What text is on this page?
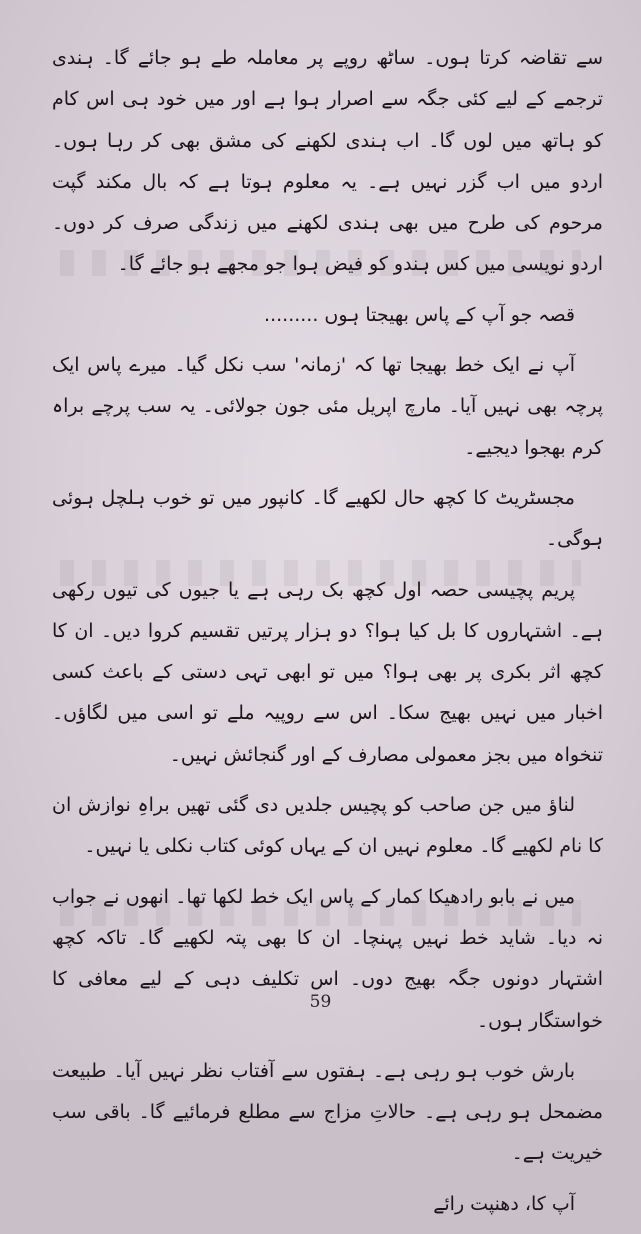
سے تقاضہ کرتا ہوں۔ ساٹھ روپے پر معاملہ طے ہو جائے گا۔ ہندی ترجمے کے لیے کئی جگہ سے اصرار ہوا ہے اور میں خود ہی اس کام کو ہاتھ میں لوں گا۔ اب ہندی لکھنے کی مشق بھی کر رہا ہوں۔ اردو میں اب گزر نہیں ہے۔ یہ معلوم ہوتا ہے کہ بال مکند گپت مرحوم کی طرح میں بھی ہندی لکھنے میں زندگی صرف کر دوں۔ اردو نویسی میں کس ہندو کو فیض ہوا جو مجھے ہو جائے گا۔

قصہ جو آپ کے پاس بھیجتا ہوں .........

آپ نے ایک خط بھیجا تھا کہ 'زمانہ' سب نکل گیا۔ میرے پاس ایک پرچہ بھی نہیں آیا۔ مارچ اپریل مئی جون جولائی۔ یہ سب پرچے براہ کرم بھجوا دیجیے۔

مجسٹریٹ کا کچھ حال لکھیے گا۔ کانپور میں تو خوب ہلچل ہوئی ہوگی۔

پریم پچیسی حصہ اول کچھ بک رہی ہے یا جیوں کی تیوں رکھی ہے۔ اشتہاروں کا بل کیا ہوا؟ دو ہزار پرتیں تقسیم کروا دیں۔ ان کا کچھ اثر بکری پر بھی ہوا؟ میں تو ابھی تہی دستی کے باعث کسی اخبار میں نہیں بھیج سکا۔ اس سے روپیہ ملے تو اسی میں لگاؤں۔ تنخواہ میں بجز معمولی مصارف کے اور گنجائش نہیں۔

لناؤ میں جن صاحب کو پچیس جلدیں دی گئی تھیں براہِ نوازش ان کا نام لکھیے گا۔ معلوم نہیں ان کے یہاں کوئی کتاب نکلی یا نہیں۔

میں نے بابو رادھیکا کمار کے پاس ایک خط لکھا تھا۔ انھوں نے جواب نہ دیا۔ شاید خط نہیں پہنچا۔ ان کا بھی پتہ لکھیے گا۔ تاکہ کچھ اشتہار دونوں جگہ بھیج دوں۔ اس تکلیف دہی کے لیے معافی کا خواستگار ہوں۔

بارش خوب ہو رہی ہے۔ ہفتوں سے آفتاب نظر نہیں آیا۔ طبیعت مضمحل ہو رہی ہے۔ حالاتِ مزاج سے مطلع فرمائیے گا۔ باقی سب خیریت ہے۔

آپ کا، دھنپت رائے

59
